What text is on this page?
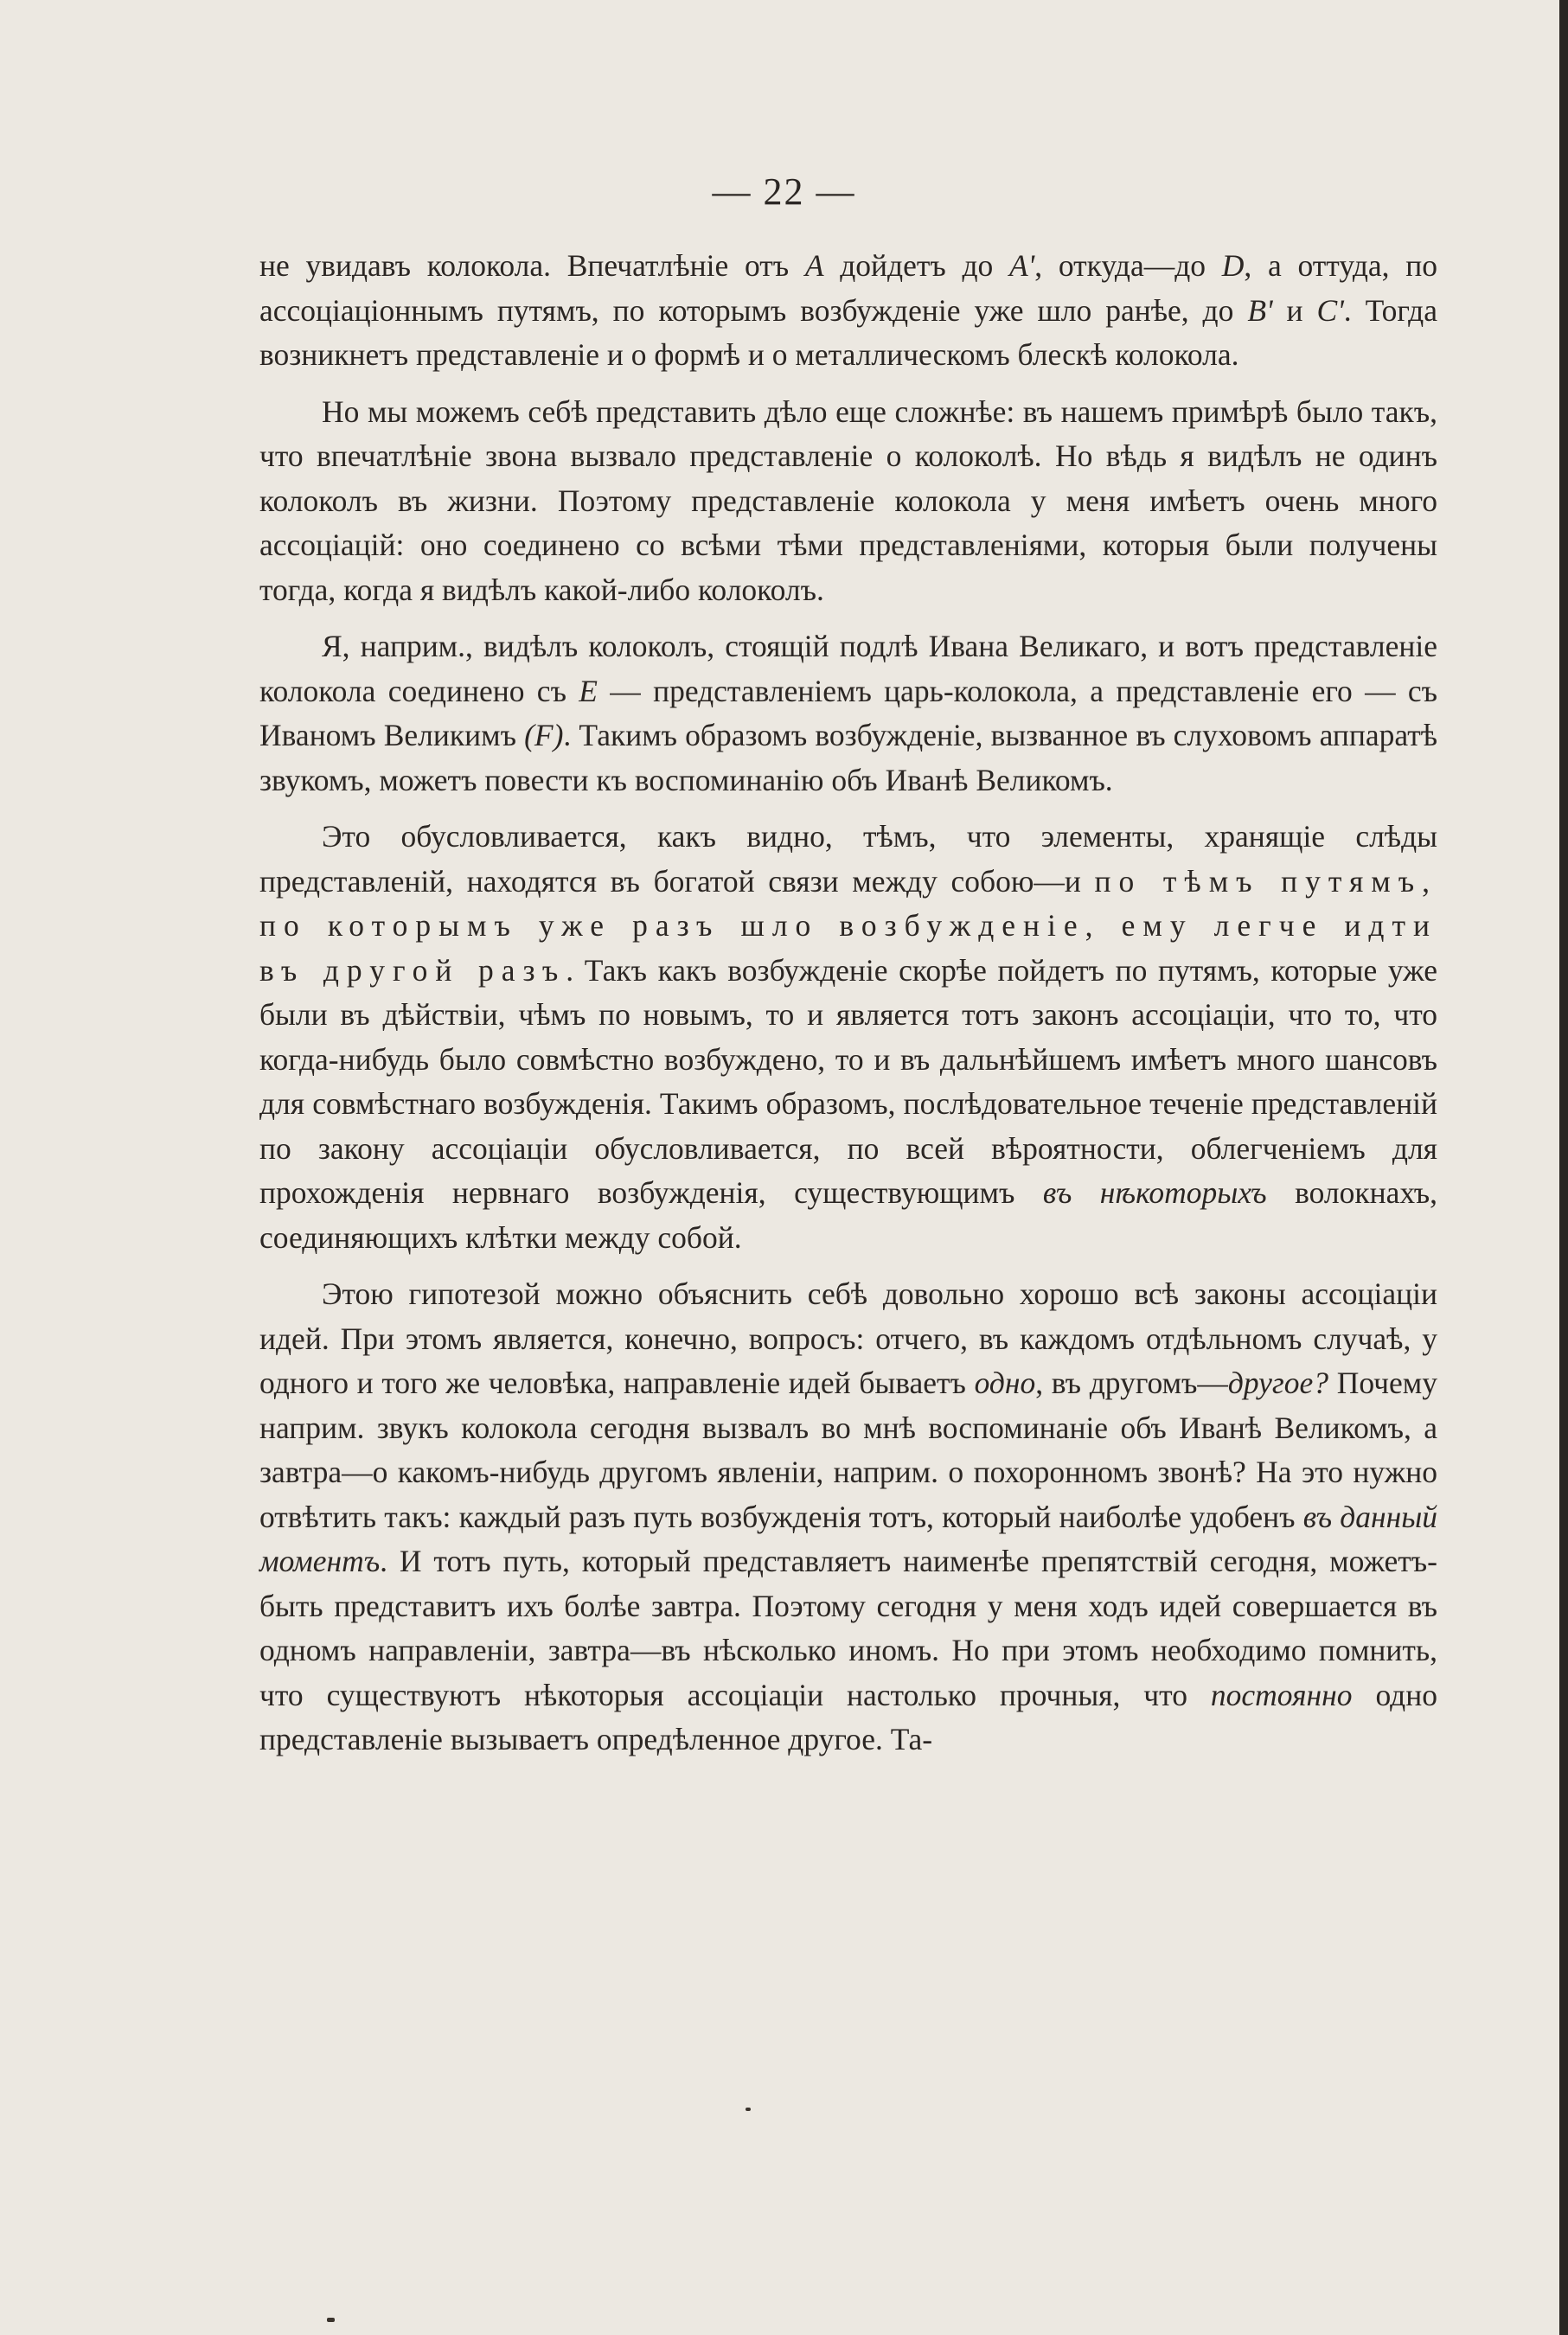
— 22 —

не увидавъ колокола. Впечатлѣніе отъ A дойдетъ до A', откуда—до D, а оттуда, по ассоціаціоннымъ путямъ, по которымъ возбужденіе уже шло ранѣе, до B' и C'. Тогда возникнетъ представленіе и о формѣ и о металлическомъ блескѣ колокола.

Но мы можемъ себѣ представить дѣло еще сложнѣе: въ нашемъ примѣрѣ было такъ, что впечатлѣніе звона вызвало представленіе о колоколѣ. Но вѣдь я видѣлъ не одинъ колоколъ въ жизни. Поэтому представленіе колокола у меня имѣетъ очень много ассоціацій: оно соединено со всѣми тѣми представленіями, которыя были получены тогда, когда я видѣлъ какой-либо колоколъ.

Я, наприм., видѣлъ колоколъ, стоящій подлѣ Ивана Великаго, и вотъ представленіе колокола соединено съ E — представленіемъ царь-колокола, а представленіе его — съ Иваномъ Великимъ (F). Такимъ образомъ возбужденіе, вызванное въ слуховомъ аппаратѣ звукомъ, можетъ повести къ воспоминанію объ Иванѣ Великомъ.

Это обусловливается, какъ видно, тѣмъ, что элементы, хранящіе слѣды представленій, находятся въ богатой связи между собою—и по тѣмъ путямъ, по которымъ уже разъ шло возбужденіе, ему легче идти въ другой разъ. Такъ какъ возбужденіе скорѣе пойдетъ по путямъ, которые уже были въ дѣйствіи, чѣмъ по новымъ, то и является тотъ законъ ассоціаціи, что то, что когда-нибудь было совмѣстно возбуждено, то и въ дальнѣйшемъ имѣетъ много шансовъ для совмѣстнаго возбужденія. Такимъ образомъ, послѣдовательное теченіе представленій по закону ассоціаціи обусловливается, по всей вѣроятности, облегченіемъ для прохожденія нервнаго возбужденія, существующимъ въ нѣкоторыхъ волокнахъ, соединяющихъ клѣтки между собой.

Этою гипотезой можно объяснить себѣ довольно хорошо всѣ законы ассоціаціи идей. При этомъ является, конечно, вопросъ: отчего, въ каждомъ отдѣльномъ случаѣ, у одного и того же человѣка, направленіе идей бываетъ одно, въ другомъ—другое? Почему наприм. звукъ колокола сегодня вызвалъ во мнѣ воспоминаніе объ Иванѣ Великомъ, а завтра—о какомъ-нибудь другомъ явленіи, наприм. о похоронномъ звонѣ? На это нужно отвѣтить такъ: каждый разъ путь возбужденія тотъ, который наиболѣе удобенъ въ данный моментъ. И тотъ путь, который представляетъ наименѣе препятствій сегодня, можетъ-быть представитъ ихъ болѣе завтра. Поэтому сегодня у меня ходъ идей совершается въ одномъ направленіи, завтра—въ нѣсколько иномъ. Но при этомъ необходимо помнить, что существуютъ нѣкоторыя ассоціаціи настолько прочныя, что постоянно одно представленіе вызываетъ опредѣленное другое. Та-
